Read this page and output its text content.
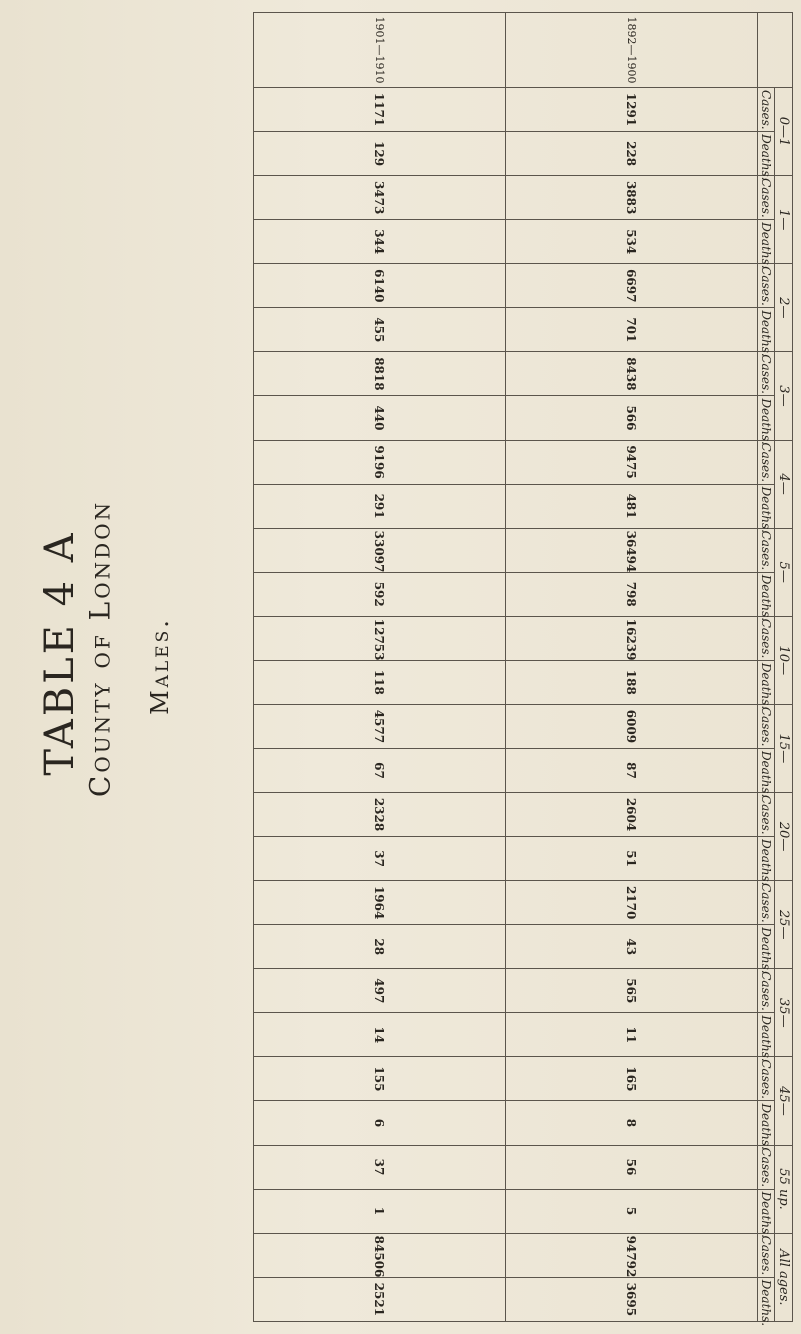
TABLE 4 A County of London Males.
	0—1		1—		2—		3—		4—		5—		10—		15—		20—		25—		35—		45—		55 up.		All ages.	
	Cases.	Deaths.	Cases.	Deaths.	Cases.	Deaths.	Cases.	Deaths.	Cases.	Deaths.	Cases.	Deaths.	Cases.	Deaths.	Cases.	Deaths.	Cases.	Deaths.	Cases.	Deaths.	Cases.	Deaths.	Cases.	Deaths.	Cases.	Deaths.	Cases.	Deaths.
1892—1900	1291	228	3883	534	6697	701	8438	566	9475	481	36494	798	16239	188	6009	87	2604	51	2170	43	565	11	165	8	56	5	94792	3695
1901—1910	1171	129	3473	344	6140	455	8818	440	9196	291	33097	592	12753	118	4577	67	2328	37	1964	28	497	14	155	6	37	1	84506	2521
